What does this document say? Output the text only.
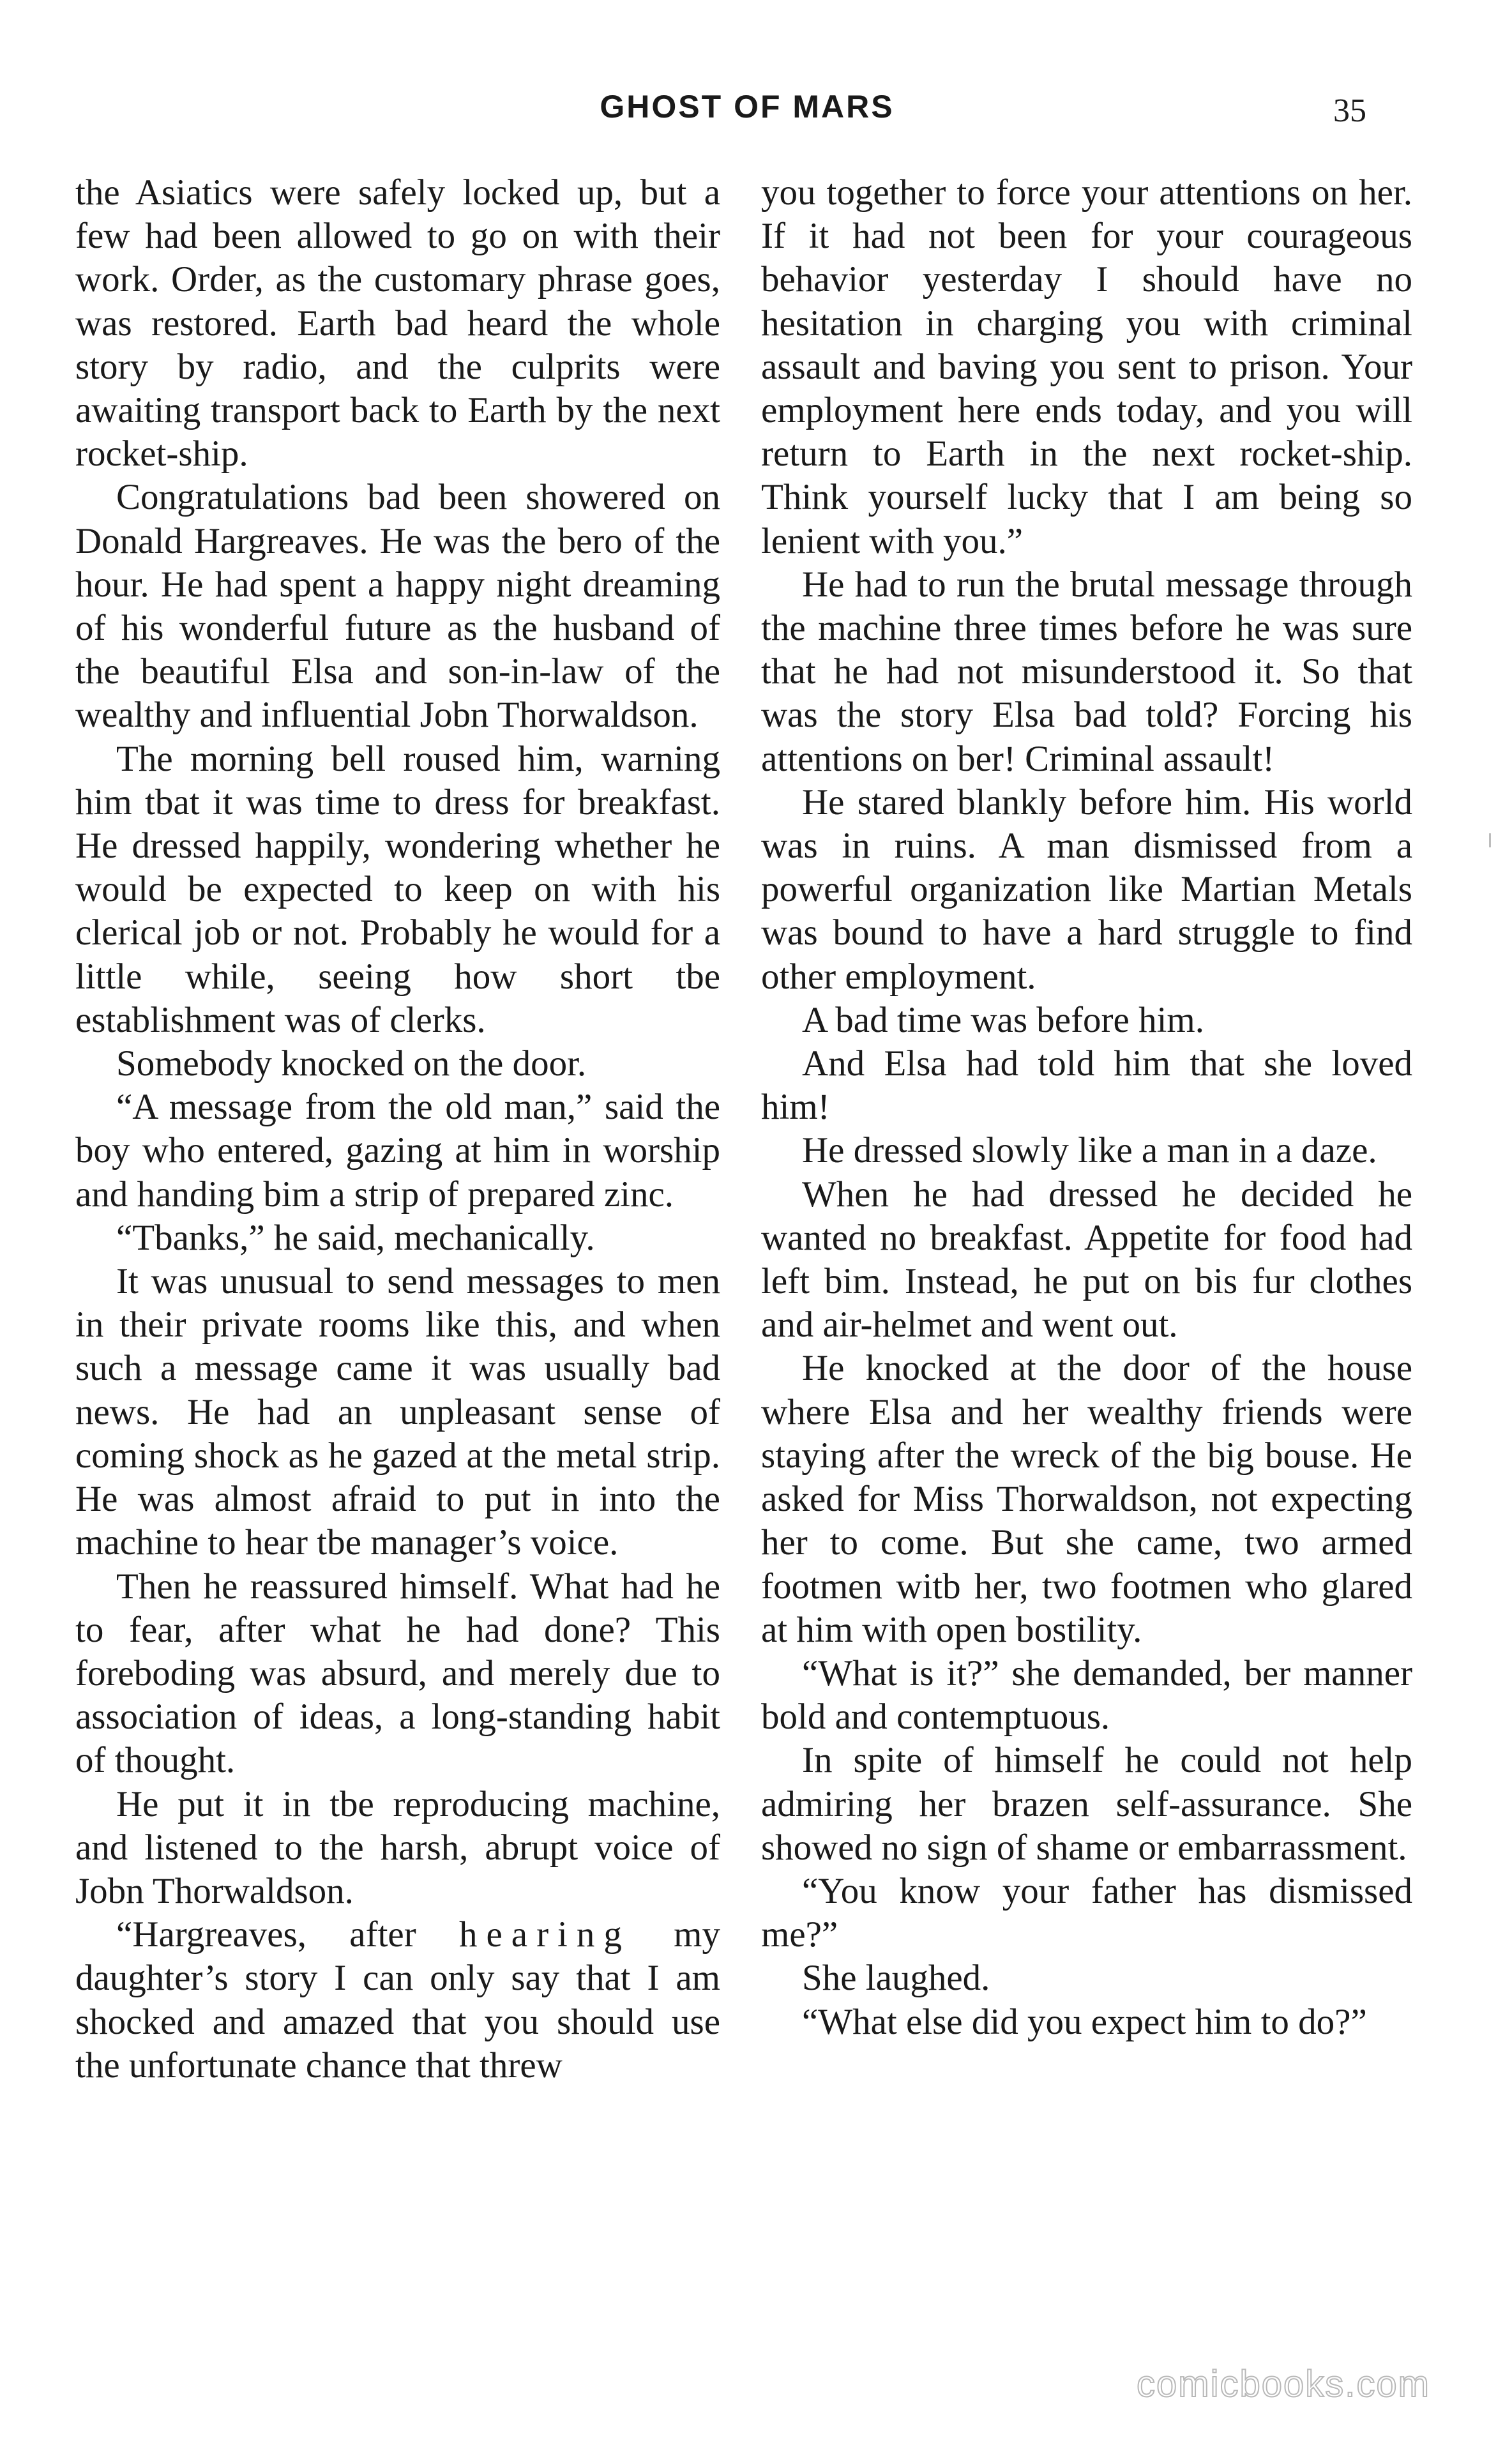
GHOST OF MARS	35

the Asiatics were safely locked up, but a few had been allowed to go on with their work. Order, as the customary phrase goes, was restored. Earth bad heard the whole story by radio, and the culprits were awaiting transport back to Earth by the next rocket-ship.

Congratulations bad been showered on Donald Hargreaves. He was the bero of the hour. He had spent a happy night dreaming of his wonderful future as the husband of the beautiful Elsa and son-in-law of the wealthy and influential Jobn Thorwaldson.

The morning bell roused him, warning him tbat it was time to dress for breakfast. He dressed happily, wondering whether he would be expected to keep on with his clerical job or not. Probably he would for a little while, seeing how short tbe establishment was of clerks.

Somebody knocked on the door.

“A message from the old man,” said the boy who entered, gazing at him in worship and handing bim a strip of prepared zinc.

“Tbanks,” he said, mechanically.

It was unusual to send messages to men in their private rooms like this, and when such a message came it was usually bad news. He had an unpleasant sense of coming shock as he gazed at the metal strip. He was almost afraid to put in into the machine to hear tbe manager’s voice.

Then he reassured himself. What had he to fear, after what he had done? This foreboding was absurd, and merely due to association of ideas, a long-standing habit of thought.

He put it in tbe reproducing machine, and listened to the harsh, abrupt voice of Jobn Thorwaldson.

“Hargreaves, after hearing my daughter’s story I can only say that I am shocked and amazed that you should use the unfortunate chance that threw

you together to force your attentions on her. If it had not been for your courageous behavior yesterday I should have no hesitation in charging you with criminal assault and baving you sent to prison. Your employment here ends today, and you will return to Earth in the next rocket-ship. Think yourself lucky that I am being so lenient with you.”

He had to run the brutal message through the machine three times before he was sure that he had not misunderstood it. So that was the story Elsa bad told? Forcing his attentions on ber! Criminal assault!

He stared blankly before him. His world was in ruins. A man dismissed from a powerful organization like Martian Metals was bound to have a hard struggle to find other employment.

A bad time was before him.

And Elsa had told him that she loved him!

He dressed slowly like a man in a daze.

When he had dressed he decided he wanted no breakfast. Appetite for food had left bim. Instead, he put on bis fur clothes and air-helmet and went out.

He knocked at the door of the house where Elsa and her wealthy friends were staying after the wreck of the big bouse. He asked for Miss Thorwaldson, not expecting her to come. But she came, two armed footmen witb her, two footmen who glared at him with open bostility.

“What is it?” she demanded, ber manner bold and contemptuous.

In spite of himself he could not help admiring her brazen self-assurance. She showed no sign of shame or embarrassment.

“You know your father has dismissed me?”

She laughed.

“What else did you expect him to do?”

comicbooks.com
